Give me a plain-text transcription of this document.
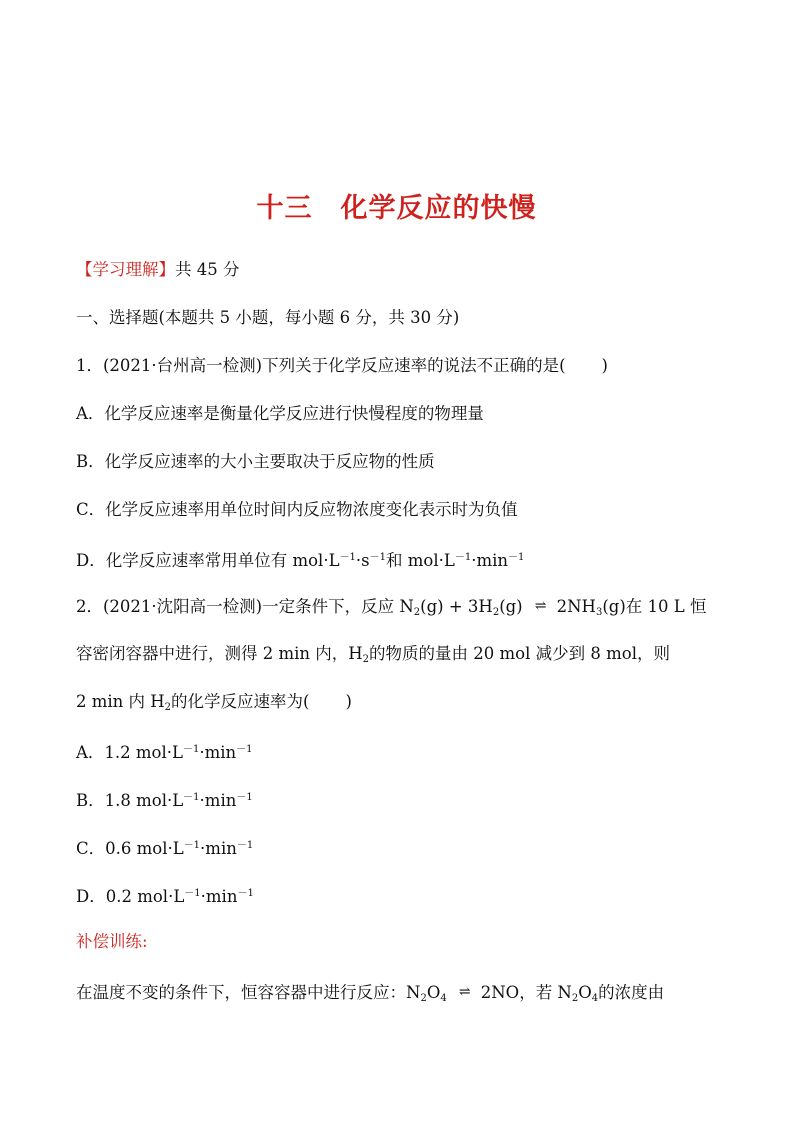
十三 化学反应的快慢
【学习理解】共 45 分
一、选择题(本题共 5 小题，每小题 6 分，共 30 分)
1．(2021·台州高一检测)下列关于化学反应速率的说法不正确的是( )
A．化学反应速率是衡量化学反应进行快慢程度的物理量
B．化学反应速率的大小主要取决于反应物的性质
C．化学反应速率用单位时间内反应物浓度变化表示时为负值
D．化学反应速率常用单位有 $mol\cdot L^{-1}\cdot s^{-1}$和 $mol\cdot L^{-1}\cdot\min^{-1}$
2．(2021·沈阳高一检测)一定条件下，反应 $N_2(g) + 3H_2(g)$ ⇌ $2NH_3(g)$在 10 L 恒
容密闭容器中进行，测得 2 min 内，$H_2$的物质的量由 20 mol 减少到 8 mol，则
2 min 内 $H_2$的化学反应速率为( )
A．1.2 $mol\cdot L^{-1}\cdot\min^{-1}$
B．1.8 $mol\cdot L^{-1}\cdot\min^{-1}$
C．0.6 $mol\cdot L^{-1}\cdot\min^{-1}$
D．0.2 $mol\cdot L^{-1}\cdot\min^{-1}$
补偿训练:
在温度不变的条件下，恒容容器中进行反应：$N_2O_4$ ⇌ 2NO，若 $N_2O_4$的浓度由
